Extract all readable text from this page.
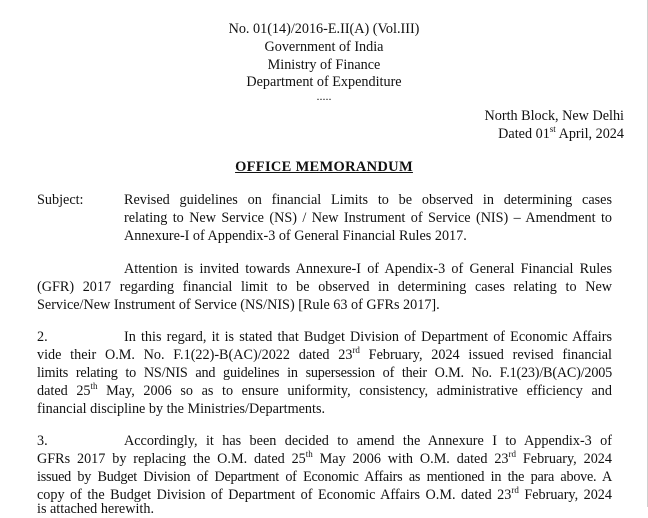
No. 01(14)/2016-E.II(A) (Vol.III)
Government of India
Ministry of Finance
Department of Expenditure
.....
North Block, New Delhi
Dated 01st April, 2024
OFFICE MEMORANDUM
Subject:	Revised guidelines on financial Limits to be observed in determining cases
relating to New Service (NS) / New Instrument of Service (NIS) – Amendment to
Annexure-I of Appendix-3 of General Financial Rules 2017.
Attention is invited towards Annexure-I of Apendix-3 of General Financial Rules
(GFR) 2017 regarding financial limit to be observed in determining cases relating to New
Service/New Instrument of Service (NS/NIS) [Rule 63 of GFRs 2017].
2.	In this regard, it is stated that Budget Division of Department of Economic Affairs
vide their O.M. No. F.1(22)-B(AC)/2022 dated 23rd February, 2024 issued revised financial
limits relating to NS/NIS and guidelines in supersession of their O.M. No. F.1(23)/B(AC)/2005
dated 25th May, 2006 so as to ensure uniformity, consistency, administrative efficiency and
financial discipline by the Ministries/Departments.
3.	Accordingly, it has been decided to amend the Annexure I to Appendix-3 of
GFRs 2017 by replacing the O.M. dated 25th May 2006 with O.M. dated 23rd February, 2024
issued by Budget Division of Department of Economic Affairs as mentioned in the para above. A
copy of the Budget Division of Department of Economic Affairs O.M. dated 23rd February, 2024
is attached herewith.
